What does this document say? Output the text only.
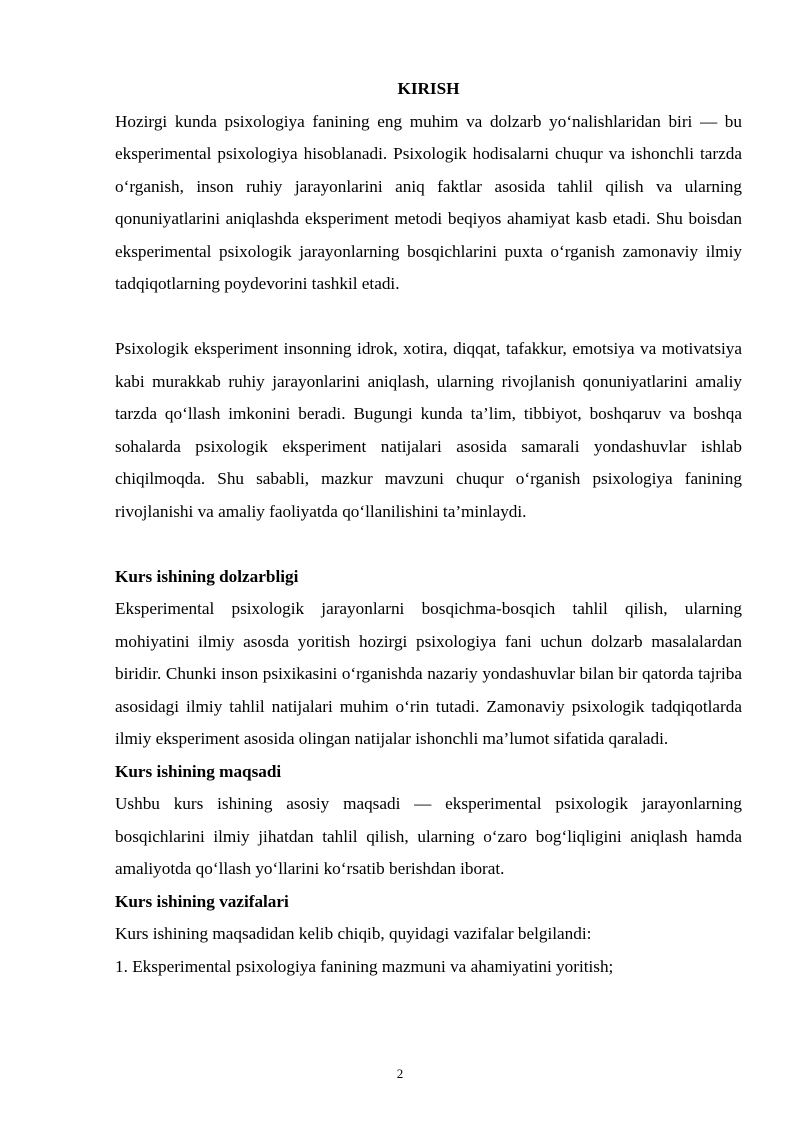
KIRISH

Hozirgi kunda psixologiya fanining eng muhim va dolzarb yo‘nalishlaridan biri — bu eksperimental psixologiya hisoblanadi. Psixologik hodisalarni chuqur va ishonchli tarzda o‘rganish, inson ruhiy jarayonlarini aniq faktlar asosida tahlil qilish va ularning qonuniyatlarini aniqlashda eksperiment metodi beqiyos ahamiyat kasb etadi. Shu boisdan eksperimental psixologik jarayonlarning bosqichlarini puxta o‘rganish zamonaviy ilmiy tadqiqotlarning poydevorini tashkil etadi.

Psixologik eksperiment insonning idrok, xotira, diqqat, tafakkur, emotsiya va motivatsiya kabi murakkab ruhiy jarayonlarini aniqlash, ularning rivojlanish qonuniyatlarini amaliy tarzda qo‘llash imkonini beradi. Bugungi kunda ta’lim, tibbiyot, boshqaruv va boshqa sohalarda psixologik eksperiment natijalari asosida samarali yondashuvlar ishlab chiqilmoqda. Shu sababli, mazkur mavzuni chuqur o‘rganish psixologiya fanining rivojlanishi va amaliy faoliyatda qo‘llanilishini ta’minlaydi.

Kurs ishining dolzarbligi

Eksperimental psixologik jarayonlarni bosqichma-bosqich tahlil qilish, ularning mohiyatini ilmiy asosda yoritish hozirgi psixologiya fani uchun dolzarb masalalardan biridir. Chunki inson psixikasini o‘rganishda nazariy yondashuvlar bilan bir qatorda tajriba asosidagi ilmiy tahlil natijalari muhim o‘rin tutadi. Zamonaviy psixologik tadqiqotlarda ilmiy eksperiment asosida olingan natijalar ishonchli ma’lumot sifatida qaraladi.

Kurs ishining maqsadi

Ushbu kurs ishining asosiy maqsadi — eksperimental psixologik jarayonlarning bosqichlarini ilmiy jihatdan tahlil qilish, ularning o‘zaro bog‘liqligini aniqlash hamda amaliyotda qo‘llash yo‘llarini ko‘rsatib berishdan iborat.

Kurs ishining vazifalari

Kurs ishining maqsadidan kelib chiqib, quyidagi vazifalar belgilandi:

1. Eksperimental psixologiya fanining mazmuni va ahamiyatini yoritish;

2
